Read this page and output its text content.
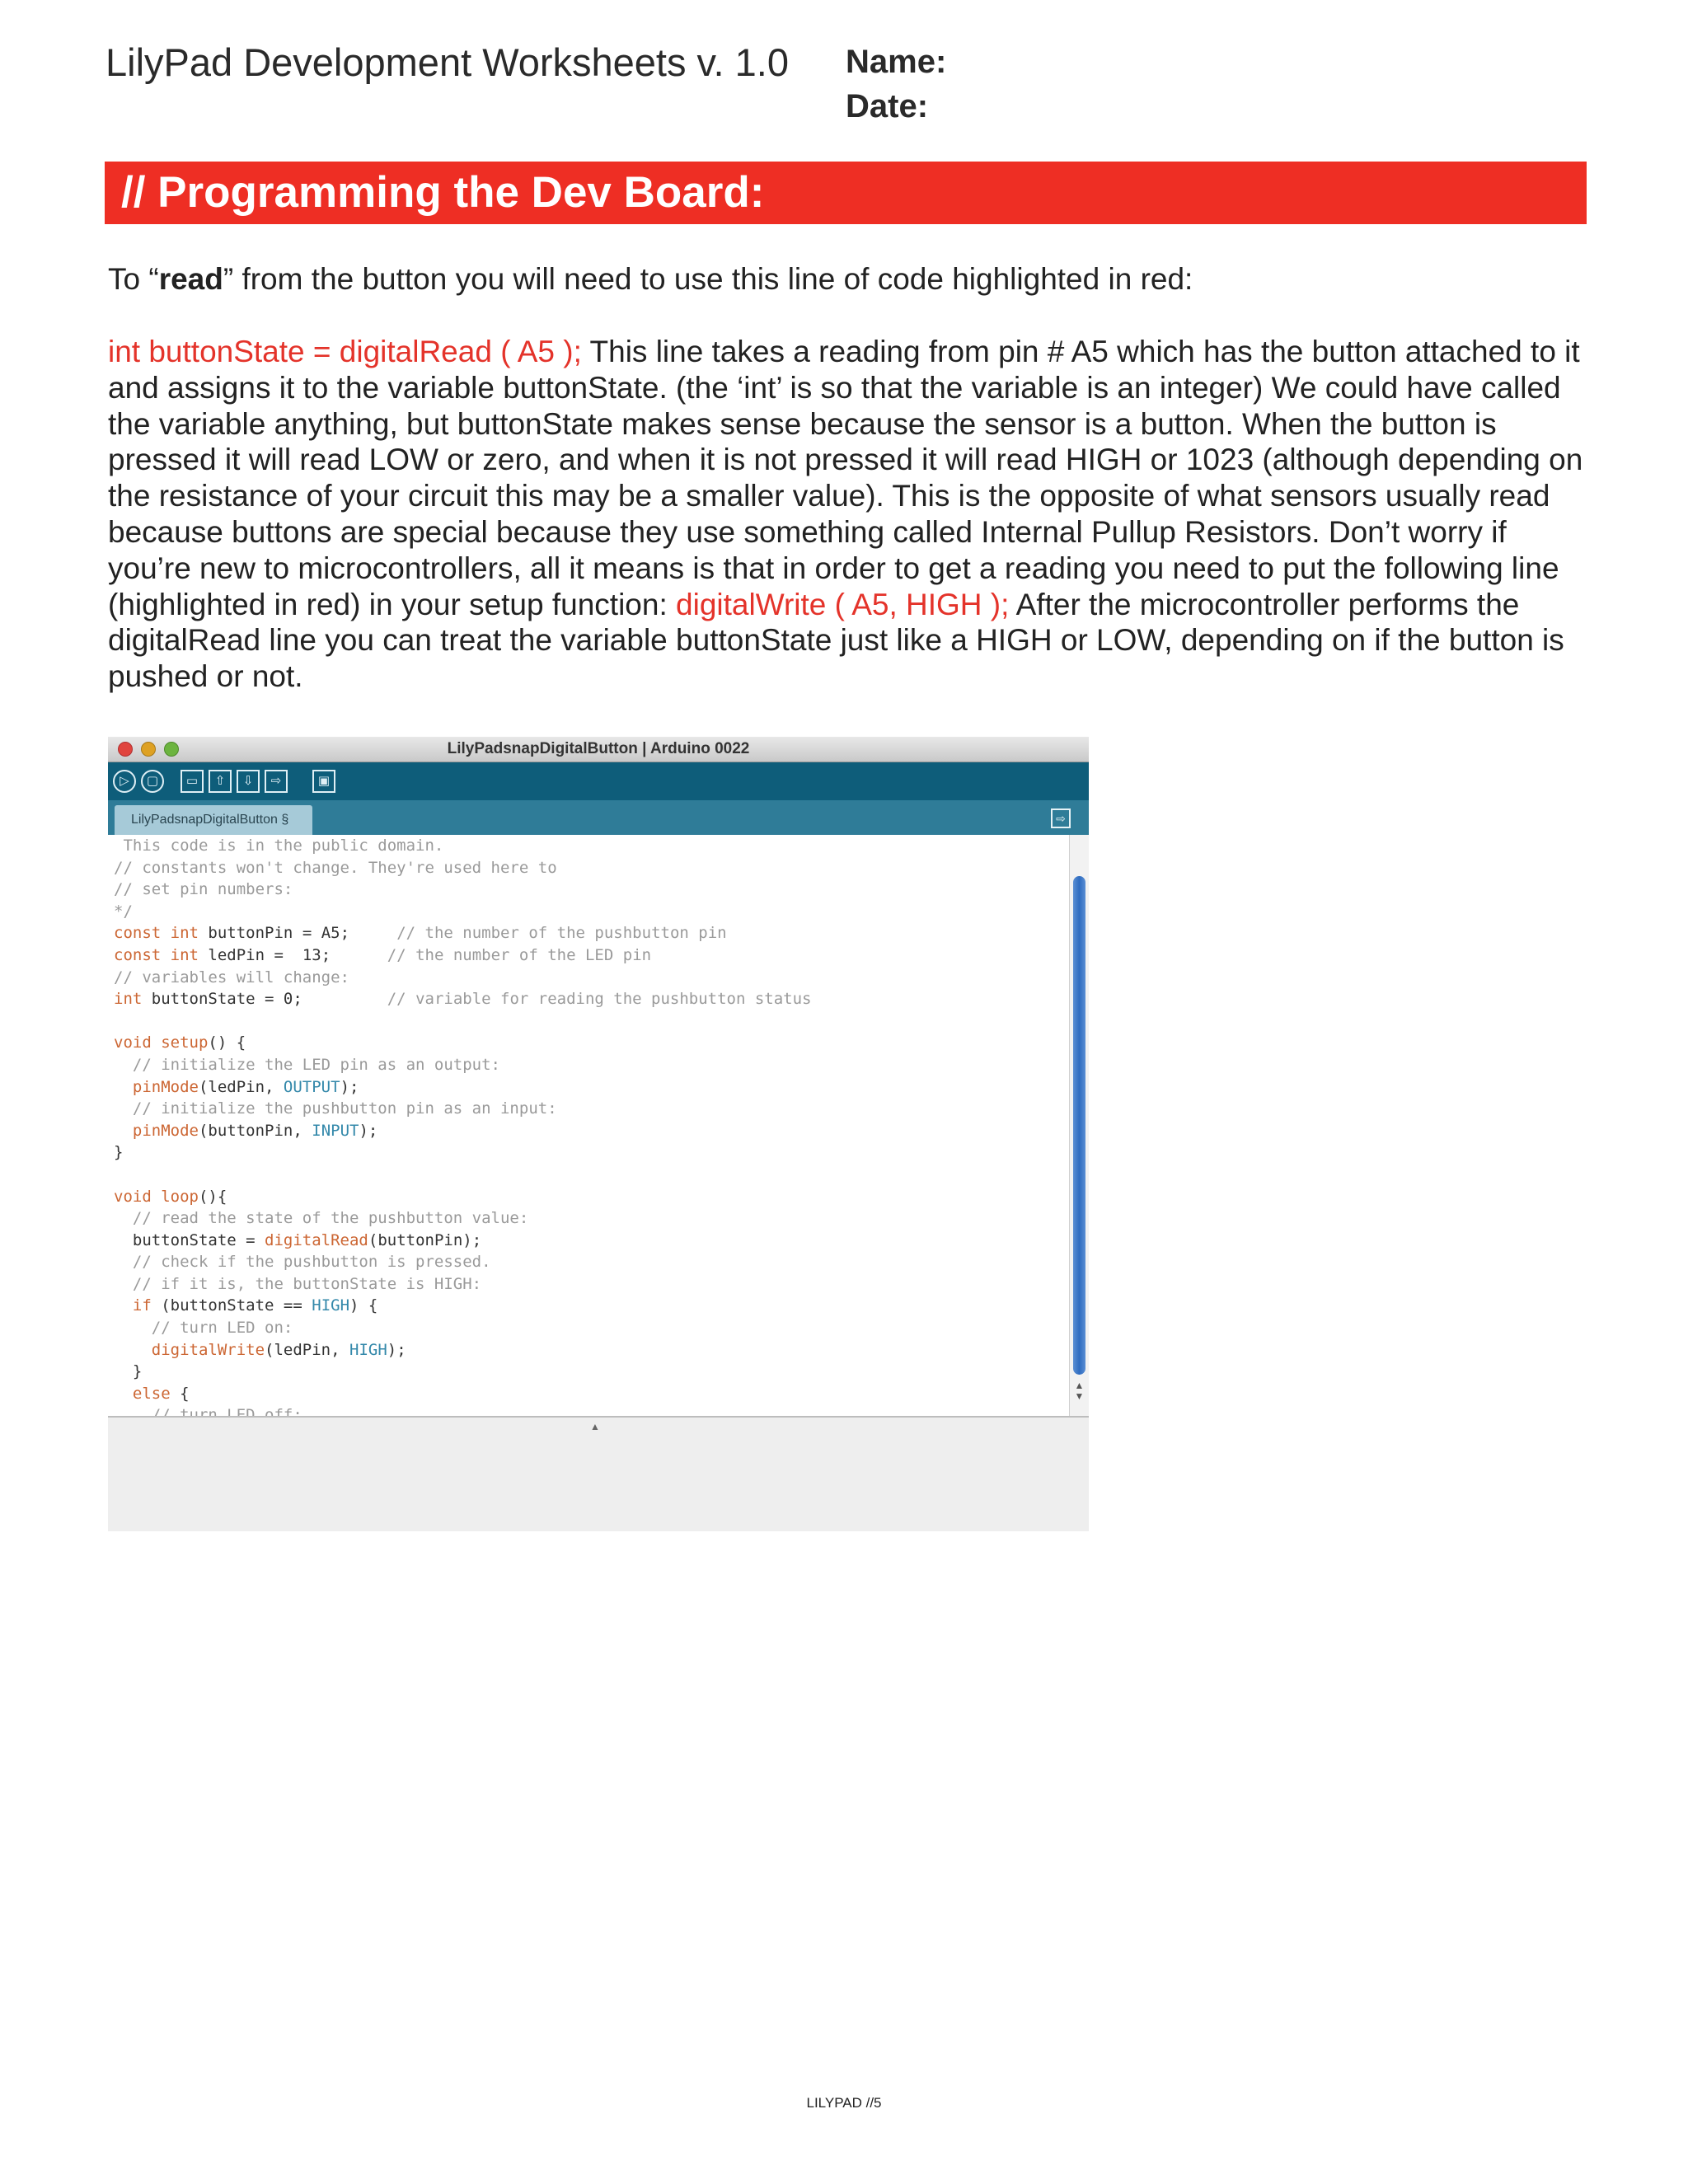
LilyPad Development Worksheets v. 1.0 Name:
Date:
// Programming the Dev Board:
To “read” from the button you will need to use this line of code highlighted in red:
int buttonState = digitalRead ( A5 ); This line takes a reading from pin # A5 which has the button attached to it and assigns it to the variable buttonState. (the ‘int’ is so that the variable is an integer) We could have called the variable anything, but buttonState makes sense because the sensor is a button. When the button is pressed it will read LOW or zero, and when it is not pressed it will read HIGH or 1023 (although depending on the resistance of your circuit this may be a smaller value). This is the opposite of what sensors usually read because buttons are special because they use something called Internal Pullup Resistors. Don’t worry if you’re new to microcontrollers, all it means is that in order to get a reading you need to put the following line (highlighted in red) in your setup function: digitalWrite ( A5, HIGH ); After the microcontroller performs the digitalRead line you can treat the variable buttonState just like a HIGH or LOW, depending on if the button is pushed or not.
LilyPadsnapDigitalButton | Arduino 0022
▷	▢	▭	⇧	⇩	⇨	▣
LilyPadsnapDigitalButton §	⇨
This code is in the public domain.
// constants won't change. They're used here to
// set pin numbers:
*/
const int buttonPin = A5;     // the number of the pushbutton pin
const int ledPin =  13;      // the number of the LED pin
// variables will change:
int buttonState = 0;         // variable for reading the pushbutton status
void setup() {
// initialize the LED pin as an output:
pinMode(ledPin, OUTPUT);
// initialize the pushbutton pin as an input:
pinMode(buttonPin, INPUT);
}
void loop(){
// read the state of the pushbutton value:
buttonState = digitalRead(buttonPin);
// check if the pushbutton is pressed.
// if it is, the buttonState is HIGH:
if (buttonState == HIGH) {
// turn LED on:
digitalWrite(ledPin, HIGH);
}
else {
	▲
▼
▲
LILYPAD //5
